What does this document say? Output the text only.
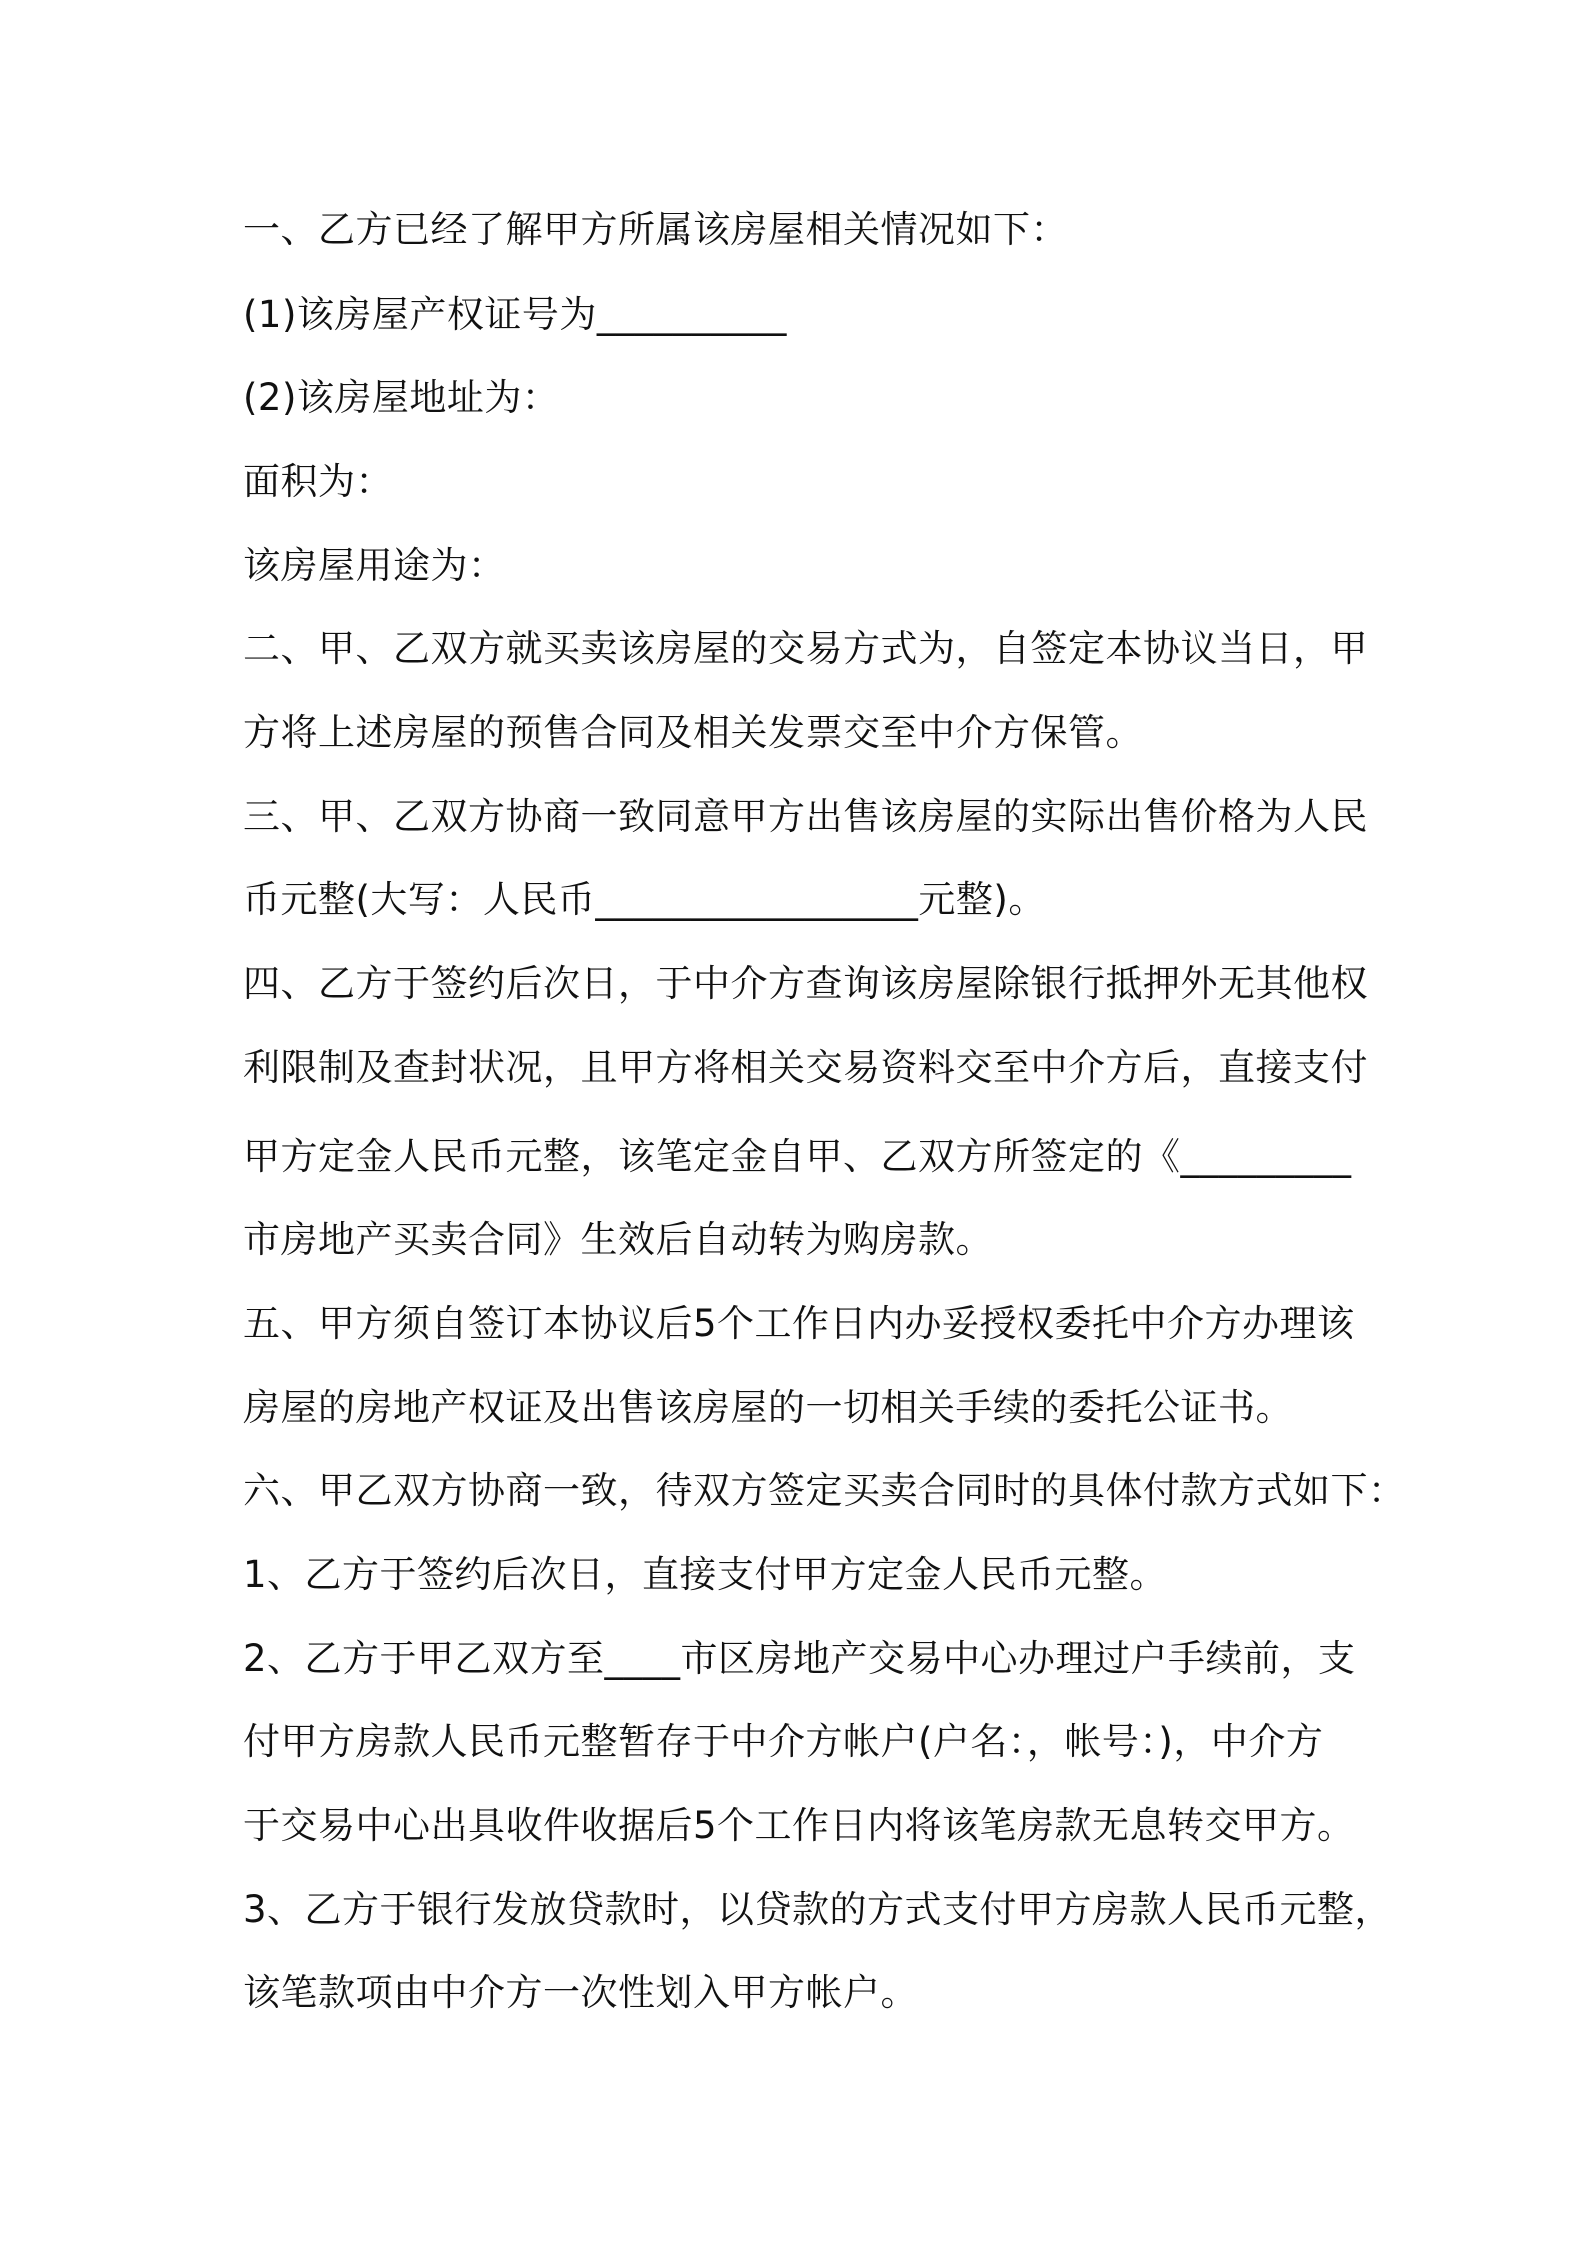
一、乙方已经了解甲方所属该房屋相关情况如下：
(1)该房屋产权证号为__________
(2)该房屋地址为：
面积为：
该房屋用途为：
二、甲、乙双方就买卖该房屋的交易方式为，自签定本协议当日，甲
方将上述房屋的预售合同及相关发票交至中介方保管。
三、甲、乙双方协商一致同意甲方出售该房屋的实际出售价格为人民
币元整(大写：人民币_________________元整)。
四、乙方于签约后次日，于中介方查询该房屋除银行抵押外无其他权
利限制及查封状况，且甲方将相关交易资料交至中介方后，直接支付
甲方定金人民币元整，该笔定金自甲、乙双方所签定的《_________
市房地产买卖合同》生效后自动转为购房款。
五、甲方须自签订本协议后5个工作日内办妥授权委托中介方办理该
房屋的房地产权证及出售该房屋的一切相关手续的委托公证书。
六、甲乙双方协商一致，待双方签定买卖合同时的具体付款方式如下：
1、乙方于签约后次日，直接支付甲方定金人民币元整。
2、乙方于甲乙双方至____市区房地产交易中心办理过户手续前，支
付甲方房款人民币元整暂存于中介方帐户(户名：，帐号：)，中介方
于交易中心出具收件收据后5个工作日内将该笔房款无息转交甲方。
3、乙方于银行发放贷款时，以贷款的方式支付甲方房款人民币元整，
该笔款项由中介方一次性划入甲方帐户。
